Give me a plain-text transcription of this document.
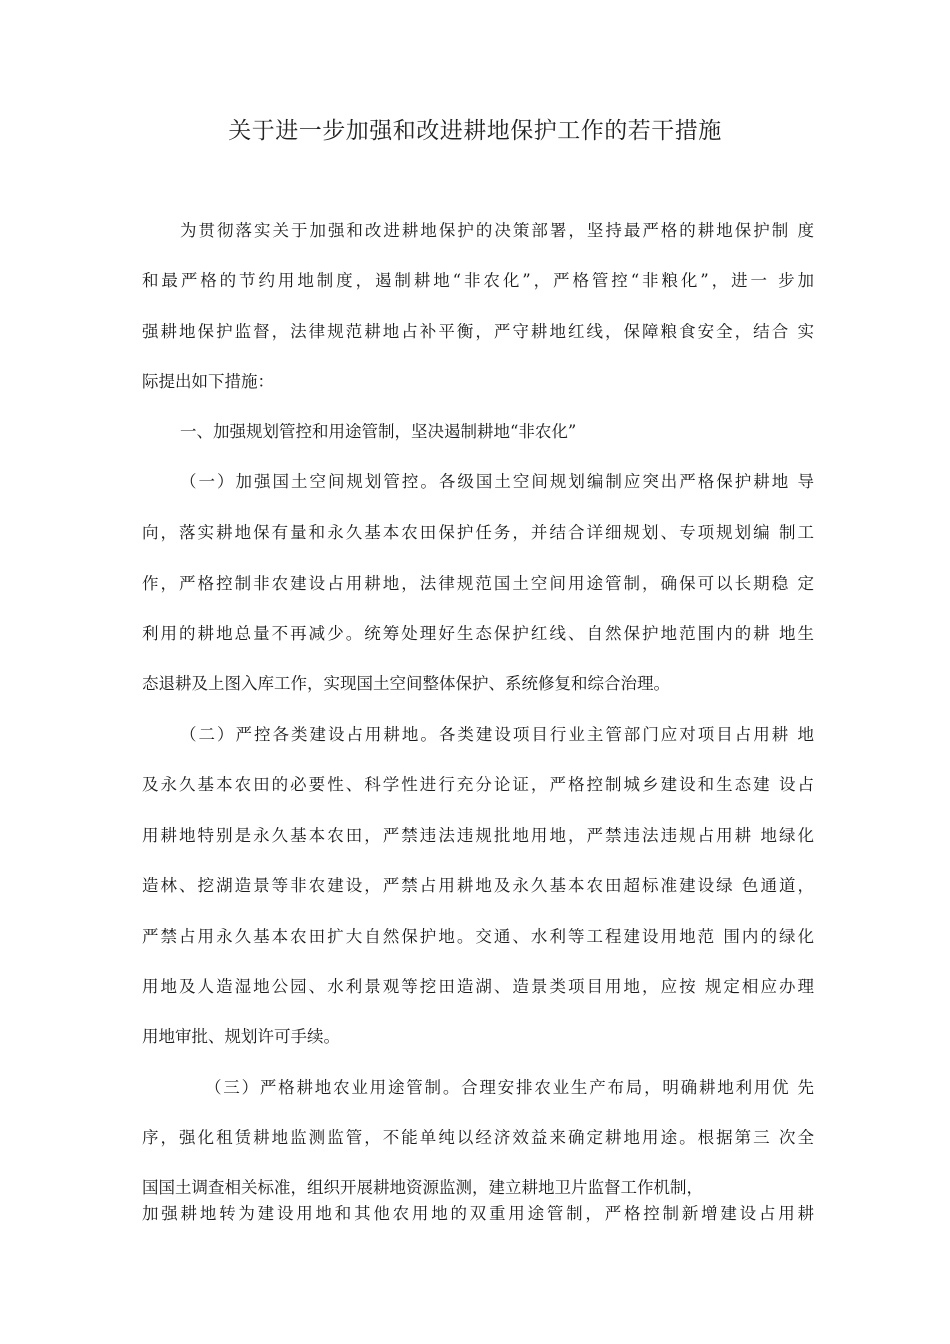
关于进一步加强和改进耕地保护工作的若干措施
为贯彻落实关于加强和改进耕地保护的决策部署，坚持最严格的耕地保护制 度
和最严格的节约用地制度，遏制耕地“非农化”，严格管控“非粮化”，进一 步加
强耕地保护监督，法律规范耕地占补平衡，严守耕地红线，保障粮食安全，结合 实
际提出如下措施：
一、加强规划管控和用途管制，坚决遏制耕地“非农化”
（一）加强国土空间规划管控。各级国土空间规划编制应突出严格保护耕地 导
向，落实耕地保有量和永久基本农田保护任务，并结合详细规划、专项规划编 制工
作，严格控制非农建设占用耕地，法律规范国土空间用途管制，确保可以长期稳 定
利用的耕地总量不再减少。统筹处理好生态保护红线、自然保护地范围内的耕 地生
态退耕及上图入库工作，实现国土空间整体保护、系统修复和综合治理。
（二）严控各类建设占用耕地。各类建设项目行业主管部门应对项目占用耕 地
及永久基本农田的必要性、科学性进行充分论证，严格控制城乡建设和生态建 设占
用耕地特别是永久基本农田，严禁违法违规批地用地，严禁违法违规占用耕 地绿化
造林、挖湖造景等非农建设，严禁占用耕地及永久基本农田超标准建设绿 色通道，
严禁占用永久基本农田扩大自然保护地。交通、水利等工程建设用地范 围内的绿化
用地及人造湿地公园、水利景观等挖田造湖、造景类项目用地，应按 规定相应办理
用地审批、规划许可手续。
（三）严格耕地农业用途管制。合理安排农业生产布局，明确耕地利用优 先
序，强化租赁耕地监测监管，不能单纯以经济效益来确定耕地用途。根据第三 次全
国国土调查相关标准，组织开展耕地资源监测，建立耕地卫片监督工作机制，
加强耕地转为建设用地和其他农用地的双重用途管制，严格控制新增建设占用耕
